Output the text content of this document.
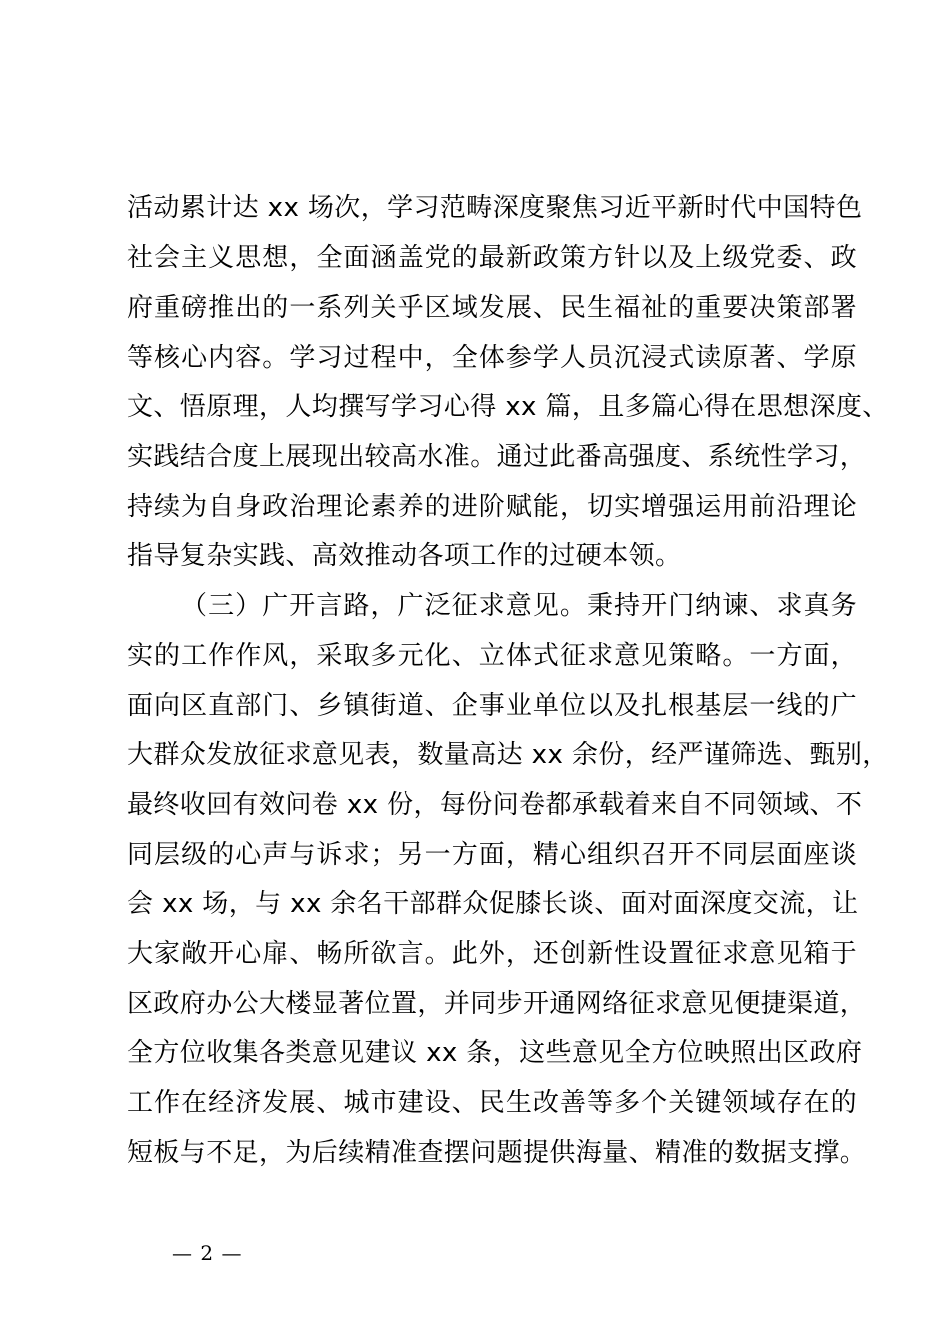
活动累计达 xx 场次，学习范畴深度聚焦习近平新时代中国特色
社会主义思想，全面涵盖党的最新政策方针以及上级党委、政
府重磅推出的一系列关乎区域发展、民生福祉的重要决策部署
等核心内容。学习过程中，全体参学人员沉浸式读原著、学原
文、悟原理，人均撰写学习心得 xx 篇，且多篇心得在思想深度、
实践结合度上展现出较高水准。通过此番高强度、系统性学习，
持续为自身政治理论素养的进阶赋能，切实增强运用前沿理论
指导复杂实践、高效推动各项工作的过硬本领。
（三）广开言路，广泛征求意见。秉持开门纳谏、求真务
实的工作作风，采取多元化、立体式征求意见策略。一方面，
面向区直部门、乡镇街道、企事业单位以及扎根基层一线的广
大群众发放征求意见表，数量高达 xx 余份，经严谨筛选、甄别，
最终收回有效问卷 xx 份，每份问卷都承载着来自不同领域、不
同层级的心声与诉求；另一方面，精心组织召开不同层面座谈
会 xx 场，与 xx 余名干部群众促膝长谈、面对面深度交流，让
大家敞开心扉、畅所欲言。此外，还创新性设置征求意见箱于
区政府办公大楼显著位置，并同步开通网络征求意见便捷渠道，
全方位收集各类意见建议 xx 条，这些意见全方位映照出区政府
工作在经济发展、城市建设、民生改善等多个关键领域存在的
短板与不足，为后续精准查摆问题提供海量、精准的数据支撑。
— 2 —
